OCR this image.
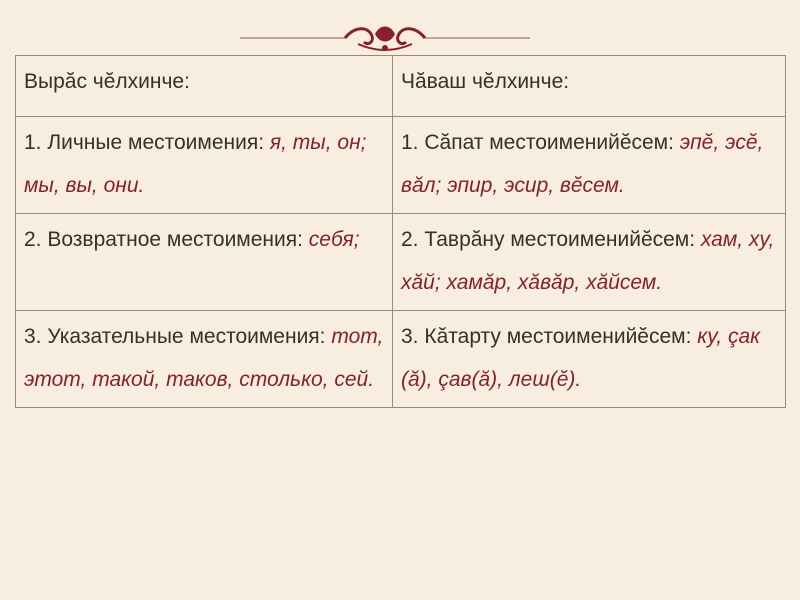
Вырăс чĕлхинче:	Чăваш чĕлхинче:
1. Личные местоимения: я, ты, он; мы, вы, они.	1. Сăпат местоименийĕсем: эпĕ, эсĕ, вăл; эпир, эсир, вĕсем.
2. Возвратное местоимения: себя;	2. Таврăну местоименийĕсем: хам, ху, хăй; хамăр, хăвăр, хăйсем.
3. Указательные местоимения: тот, этот, такой, таков, столько, сей.	3. Кăтарту местоименийĕсем: ку, çак (ă), çав(ă), леш(ĕ).
